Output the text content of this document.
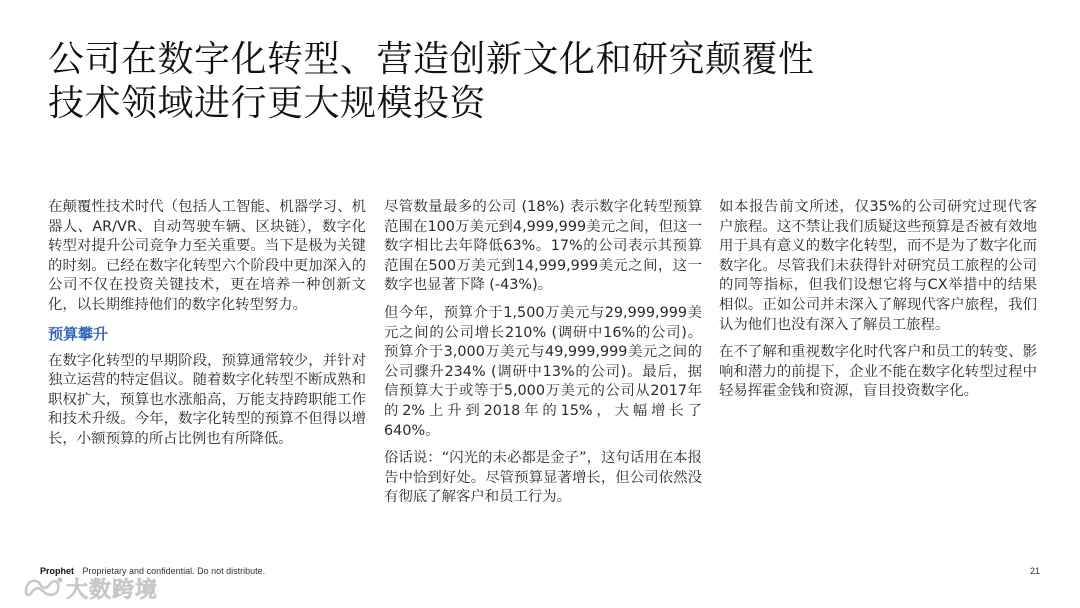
公司在数字化转型、营造创新文化和研究颠覆性
技术领域进行更大规模投资

在颠覆性技术时代（包括人工智能、机器学习、机器人、AR/VR、自动驾驶车辆、区块链），数字化转型对提升公司竞争力至关重要。当下是极为关键的时刻。已经在数字化转型六个阶段中更加深入的公司不仅在投资关键技术，更在培养一种创新文化，以长期维持他们的数字化转型努力。

预算攀升

在数字化转型的早期阶段，预算通常较少，并针对独立运营的特定倡议。随着数字化转型不断成熟和职权扩大，预算也水涨船高，万能支持跨职能工作和技术升级。今年，数字化转型的预算不但得以增长，小额预算的所占比例也有所降低。

尽管数量最多的公司 (18%) 表示数字化转型预算范围在100万美元到4,999,999美元之间，但这一数字相比去年降低63%。17%的公司表示其预算范围在500万美元到14,999,999美元之间，这一数字也显著下降 (-43%)。

但今年，预算介于1,500万美元与29,999,999美元之间的公司增长210% (调研中16%的公司)。预算介于3,000万美元与49,999,999美元之间的公司骤升234% (调研中13%的公司)。最后，据信预算大于或等于5,000万美元的公司从2017年的2%上升到2018年的15%，大幅增长了640%。

俗话说：“闪光的未必都是金子”，这句话用在本报告中恰到好处。尽管预算显著增长，但公司依然没有彻底了解客户和员工行为。

如本报告前文所述，仅35%的公司研究过现代客户旅程。这不禁让我们质疑这些预算是否被有效地用于具有意义的数字化转型，而不是为了数字化而数字化。尽管我们未获得针对研究员工旅程的公司的同等指标，但我们设想它将与CX举措中的结果相似。正如公司并未深入了解现代客户旅程，我们认为他们也没有深入了解员工旅程。

在不了解和重视数字化时代客户和员工的转变、影响和潜力的前提下，企业不能在数字化转型过程中轻易挥霍金钱和资源，盲目投资数字化。

Prophet Proprietary and confidential. Do not distribute.	21
大数跨境
